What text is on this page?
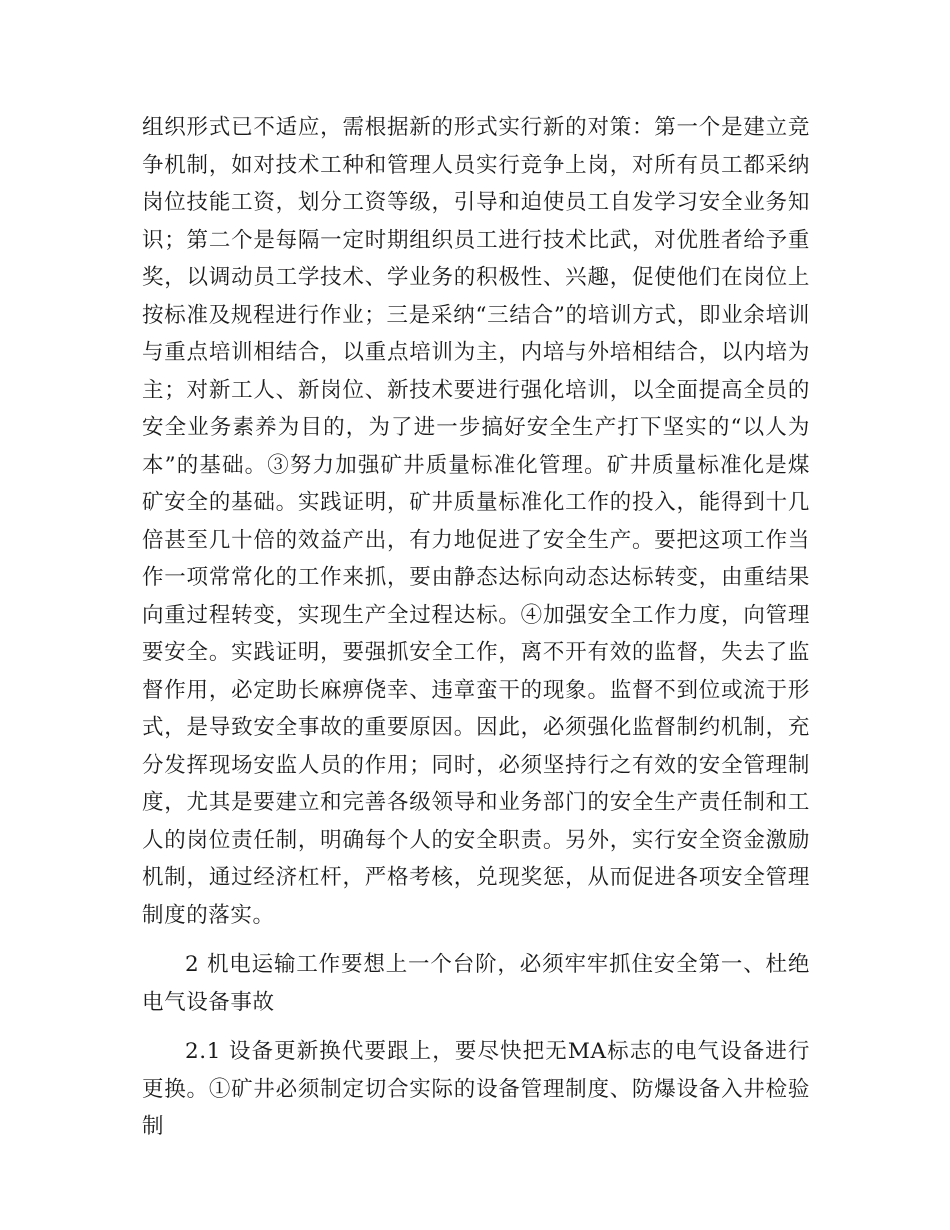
组织形式已不适应，需根据新的形式实行新的对策：第一个是建立竞争机制，如对技术工种和管理人员实行竞争上岗，对所有员工都采纳岗位技能工资，划分工资等级，引导和迫使员工自发学习安全业务知识；第二个是每隔一定时期组织员工进行技术比武，对优胜者给予重奖，以调动员工学技术、学业务的积极性、兴趣，促使他们在岗位上按标准及规程进行作业；三是采纳“三结合”的培训方式，即业余培训与重点培训相结合，以重点培训为主，内培与外培相结合，以内培为主；对新工人、新岗位、新技术要进行强化培训，以全面提高全员的安全业务素养为目的，为了进一步搞好安全生产打下坚实的“以人为本”的基础。③努力加强矿井质量标准化管理。矿井质量标准化是煤矿安全的基础。实践证明，矿井质量标准化工作的投入，能得到十几倍甚至几十倍的效益产出，有力地促进了安全生产。要把这项工作当作一项常常化的工作来抓，要由静态达标向动态达标转变，由重结果向重过程转变，实现生产全过程达标。④加强安全工作力度，向管理要安全。实践证明，要强抓安全工作，离不开有效的监督，失去了监督作用，必定助长麻痹侥幸、违章蛮干的现象。监督不到位或流于形式，是导致安全事故的重要原因。因此，必须强化监督制约机制，充分发挥现场安监人员的作用；同时，必须坚持行之有效的安全管理制度，尤其是要建立和完善各级领导和业务部门的安全生产责任制和工人的岗位责任制，明确每个人的安全职责。另外，实行安全资金激励机制，通过经济杠杆，严格考核，兑现奖惩，从而促进各项安全管理制度的落实。

2 机电运输工作要想上一个台阶，必须牢牢抓住安全第一、杜绝电气设备事故

2.1 设备更新换代要跟上，要尽快把无MA标志的电气设备进行更换。①矿井必须制定切合实际的设备管理制度、防爆设备入井检验制
